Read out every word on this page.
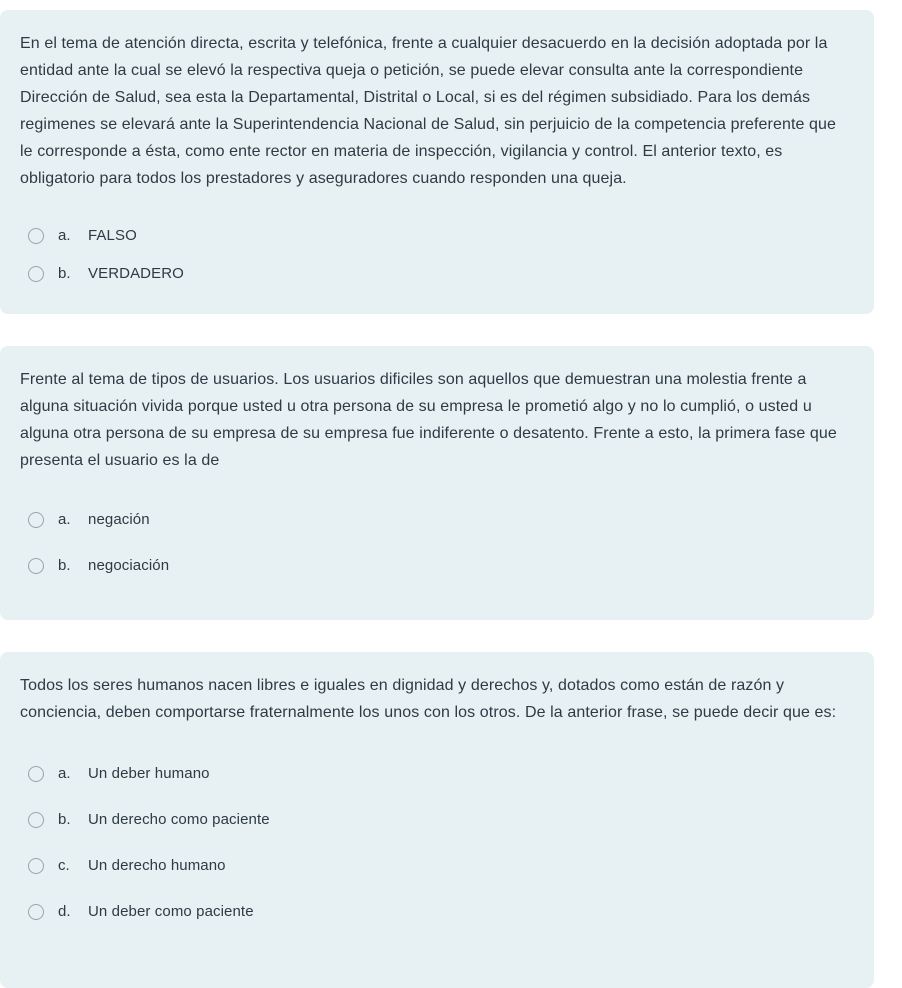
En el tema de atención directa, escrita y telefónica, frente a cualquier desacuerdo en la decisión adoptada por la entidad ante la cual se elevó la respectiva queja o petición, se puede elevar consulta ante la correspondiente Dirección de Salud, sea esta la Departamental, Distrital o Local, si es del régimen subsidiado. Para los demás regimenes se elevará ante la Superintendencia Nacional de Salud, sin perjuicio de la competencia preferente que le corresponde a ésta, como ente rector en materia de inspección, vigilancia y control. El anterior texto, es obligatorio para todos los prestadores y aseguradores cuando responden una queja.

a. FALSO
b. VERDADERO

Frente al tema de tipos de usuarios. Los usuarios dificiles son aquellos que demuestran una molestia frente a alguna situación vivida porque usted u otra persona de su empresa le prometió algo y no lo cumplió, o usted u alguna otra persona de su empresa de su empresa fue indiferente o desatento. Frente a esto, la primera fase que presenta el usuario es la de

a. negación
b. negociación

Todos los seres humanos nacen libres e iguales en dignidad y derechos y, dotados como están de razón y conciencia, deben comportarse fraternalmente los unos con los otros. De la anterior frase, se puede decir que es:

a. Un deber humano
b. Un derecho como paciente
c. Un derecho humano
d. Un deber como paciente
